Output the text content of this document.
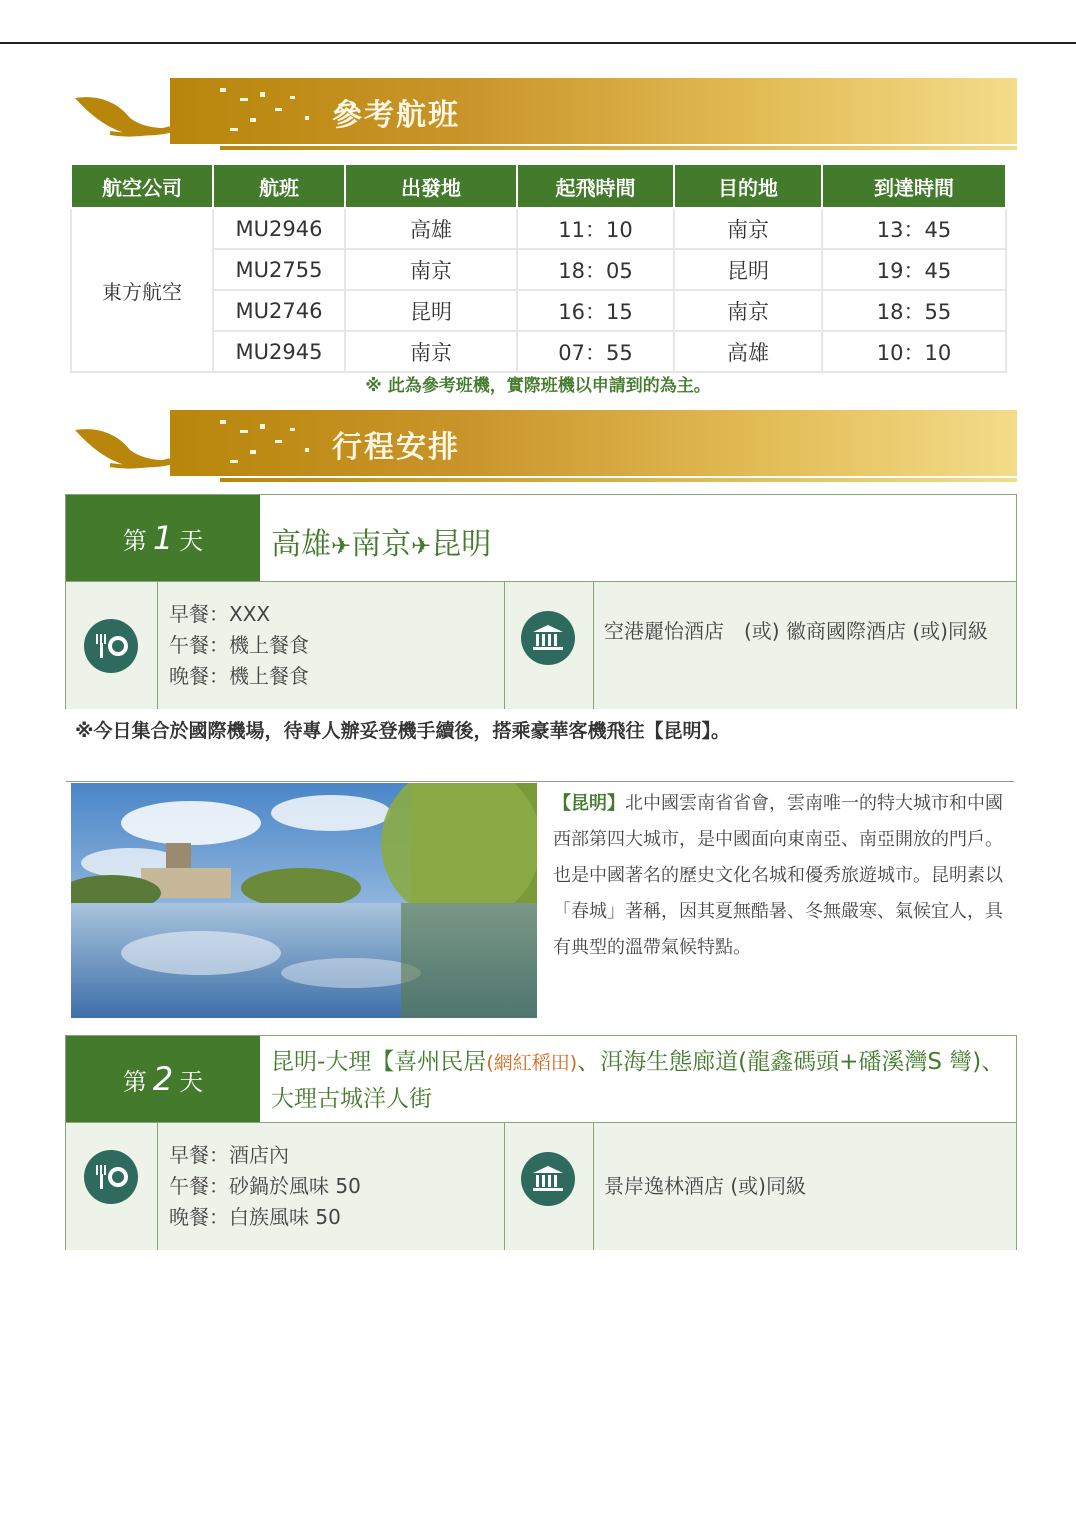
參考航班
航空公司	航班	出發地	起飛時間	目的地	到達時間
東方航空	MU2946	高雄	11：10	南京	13：45
	MU2755	南京	18：05	昆明	19：45
	MU2746	昆明	16：15	南京	18：55
	MU2945	南京	07：55	高雄	10：10
※ 此為參考班機，實際班機以申請到的為主。
行程安排
第 1 天 高雄✈南京✈昆明
早餐：XXX
午餐：機上餐食
晚餐：機上餐食
空港麗怡酒店　(或) 徽商國際酒店 (或)同級
※今日集合於國際機場，待專人辦妥登機手續後，搭乘豪華客機飛往【昆明】。
【昆明】北中國雲南省省會，雲南唯一的特大城市和中國西部第四大城市，是中國面向東南亞、南亞開放的門戶。也是中國著名的歷史文化名城和優秀旅遊城市。昆明素以「春城」著稱，因其夏無酷暑、冬無嚴寒、氣候宜人，具有典型的溫帶氣候特點。
第 2 天
昆明-大理【喜州民居(網紅稻田)、洱海生態廊道(龍鑫碼頭+磻溪灣S 彎)、大理古城洋人街
早餐：酒店內
午餐：砂鍋於風味 50
晚餐：白族風味 50
景岸逸林酒店 (或)同級
